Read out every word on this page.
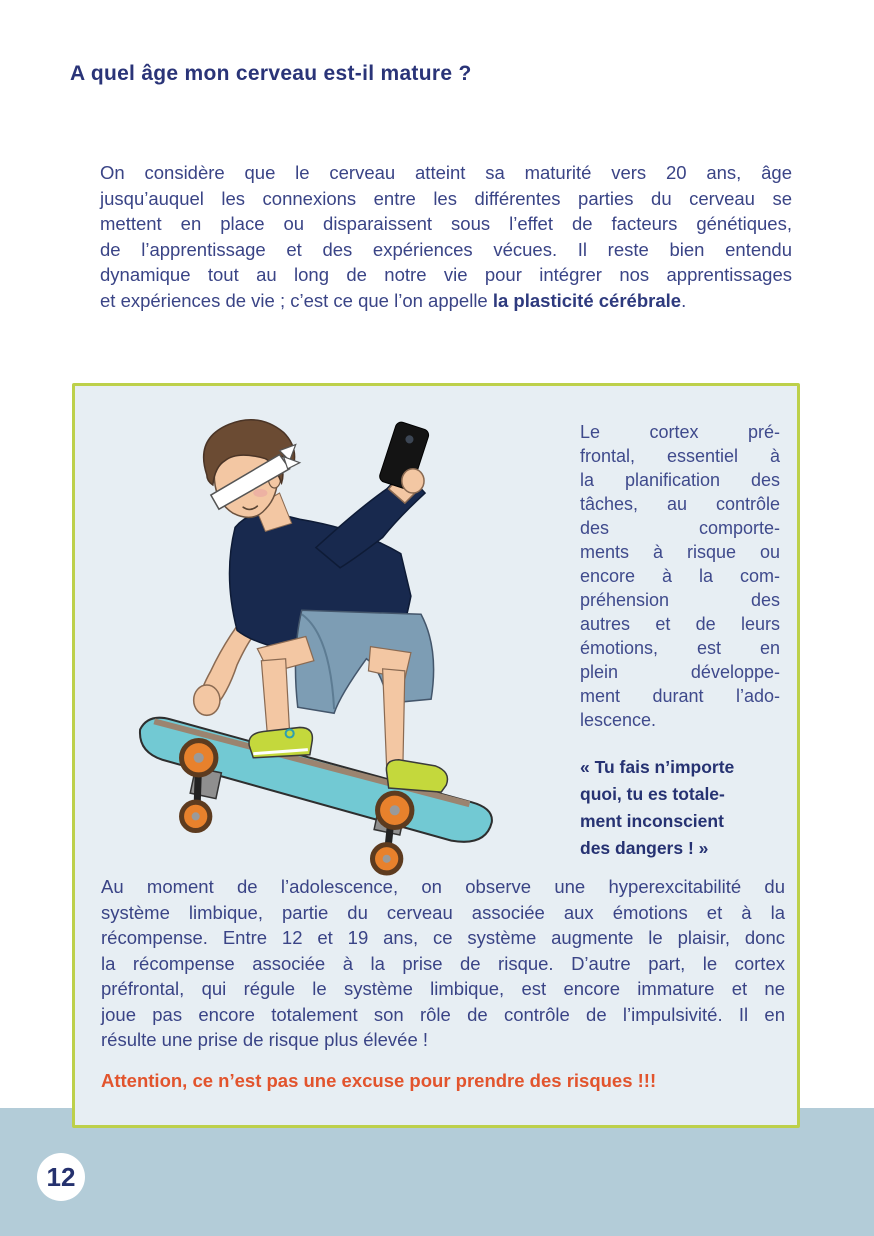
A quel âge mon cerveau est-il mature ?
On considère que le cerveau atteint sa maturité vers 20 ans, âge
jusqu’auquel les connexions entre les différentes parties du cerveau se
mettent en place ou disparaissent sous l’effet de facteurs génétiques,
de l’apprentissage et des expériences vécues. Il reste bien entendu
dynamique tout au long de notre vie pour intégrer nos apprentissages
et expériences de vie ; c’est ce que l’on appelle la plasticité cérébrale.
Le cortex pré-
frontal, essentiel à
la planification des
tâches, au contrôle
des comporte-
ments à risque ou
encore à la com-
préhension des
autres et de leurs
émotions, est en
plein développe-
ment durant l’ado-
lescence.
« Tu fais n’importe
quoi, tu es totale-
ment inconscient
des dangers ! »
Au moment de l’adolescence, on observe une hyperexcitabilité du
système limbique, partie du cerveau associée aux émotions et à la
récompense. Entre 12 et 19 ans, ce système augmente le plaisir, donc
la récompense associée à la prise de risque. D’autre part, le cortex
préfrontal, qui régule le système limbique, est encore immature et ne
joue pas encore totalement son rôle de contrôle de l’impulsivité. Il en
résulte une prise de risque plus élevée !
Attention, ce n’est pas une excuse pour prendre des risques !!!
12
